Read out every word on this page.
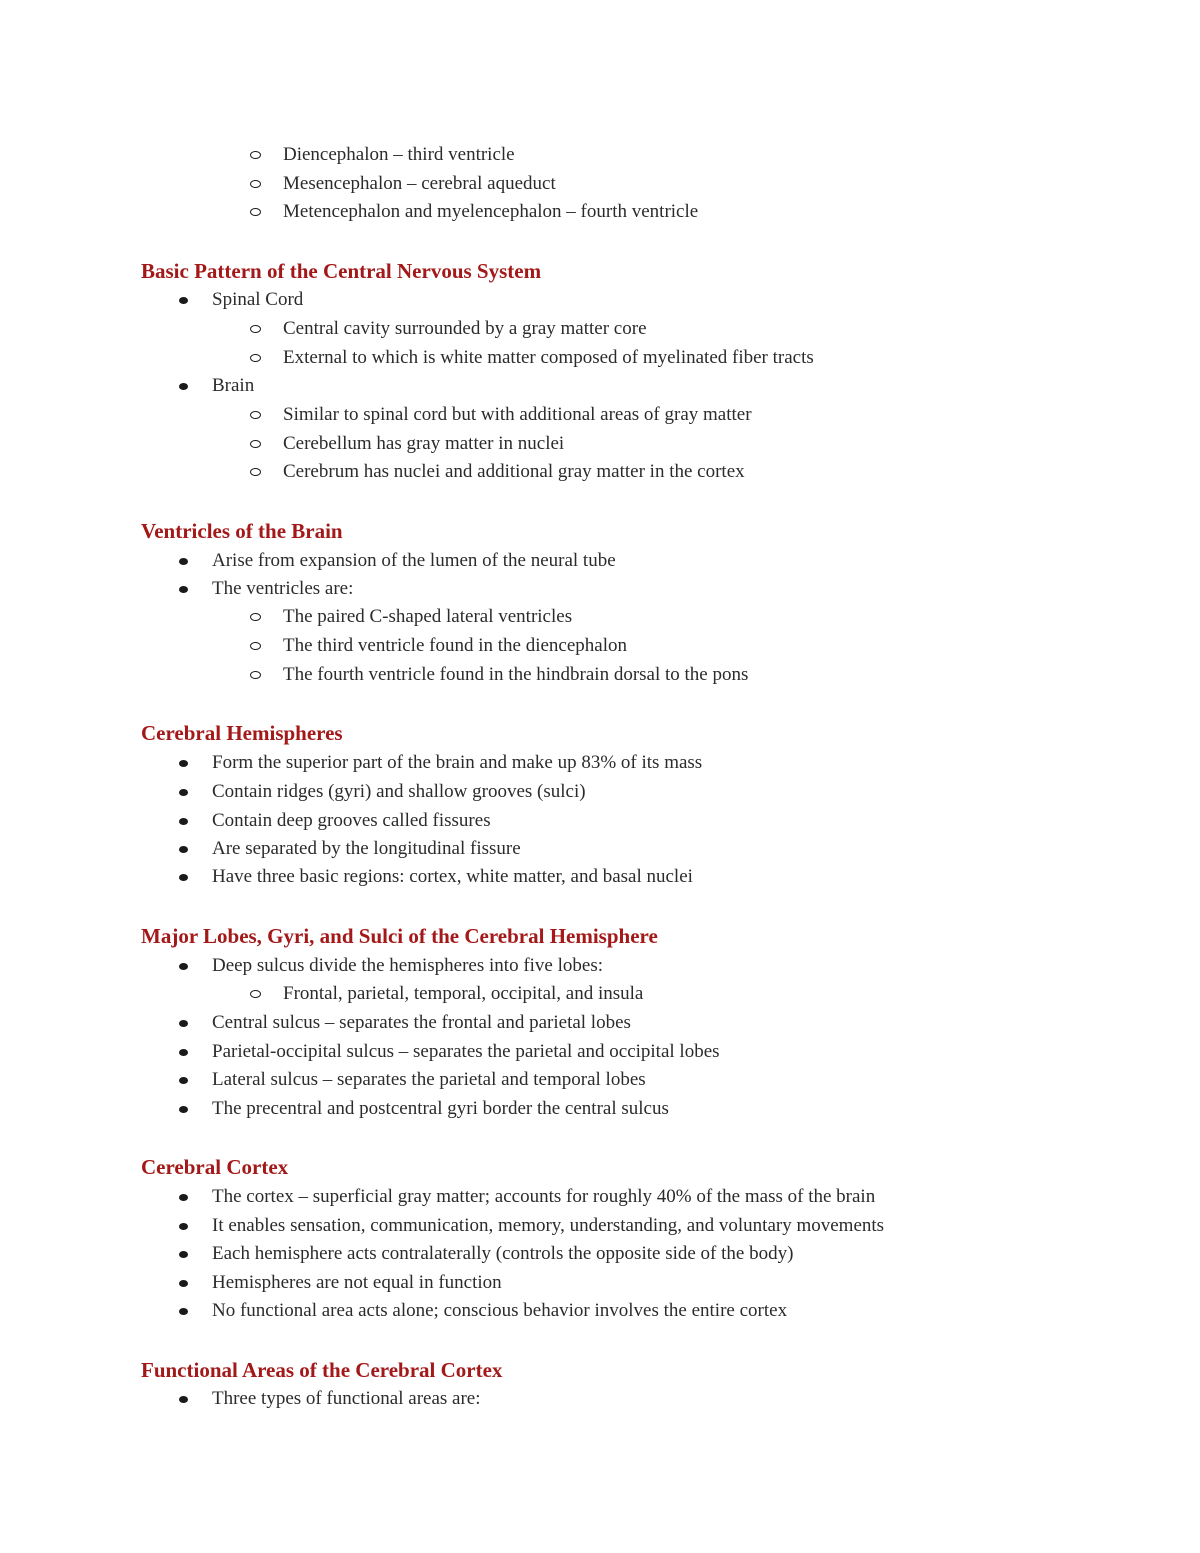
Diencephalon – third ventricle
Mesencephalon – cerebral aqueduct
Metencephalon and myelencephalon – fourth ventricle
Basic Pattern of the Central Nervous System
Spinal Cord
Central cavity surrounded by a gray matter core
External to which is white matter composed of myelinated fiber tracts
Brain
Similar to spinal cord but with additional areas of gray matter
Cerebellum has gray matter in nuclei
Cerebrum has nuclei and additional gray matter in the cortex
Ventricles of the Brain
Arise from expansion of the lumen of the neural tube
The ventricles are:
The paired C-shaped lateral ventricles
The third ventricle found in the diencephalon
The fourth ventricle found in the hindbrain dorsal to the pons
Cerebral Hemispheres
Form the superior part of the brain and make up 83% of its mass
Contain ridges (gyri) and shallow grooves (sulci)
Contain deep grooves called fissures
Are separated by the longitudinal fissure
Have three basic regions: cortex, white matter, and basal nuclei
Major Lobes, Gyri, and Sulci of the Cerebral Hemisphere
Deep sulcus divide the hemispheres into five lobes:
Frontal, parietal, temporal, occipital, and insula
Central sulcus – separates the frontal and parietal lobes
Parietal-occipital sulcus – separates the parietal and occipital lobes
Lateral sulcus – separates the parietal and temporal lobes
The precentral and postcentral gyri border the central sulcus
Cerebral Cortex
The cortex – superficial gray matter; accounts for roughly 40% of the mass of the brain
It enables sensation, communication, memory, understanding, and voluntary movements
Each hemisphere acts contralaterally (controls the opposite side of the body)
Hemispheres are not equal in function
No functional area acts alone; conscious behavior involves the entire cortex
Functional Areas of the Cerebral Cortex
Three types of functional areas are:
